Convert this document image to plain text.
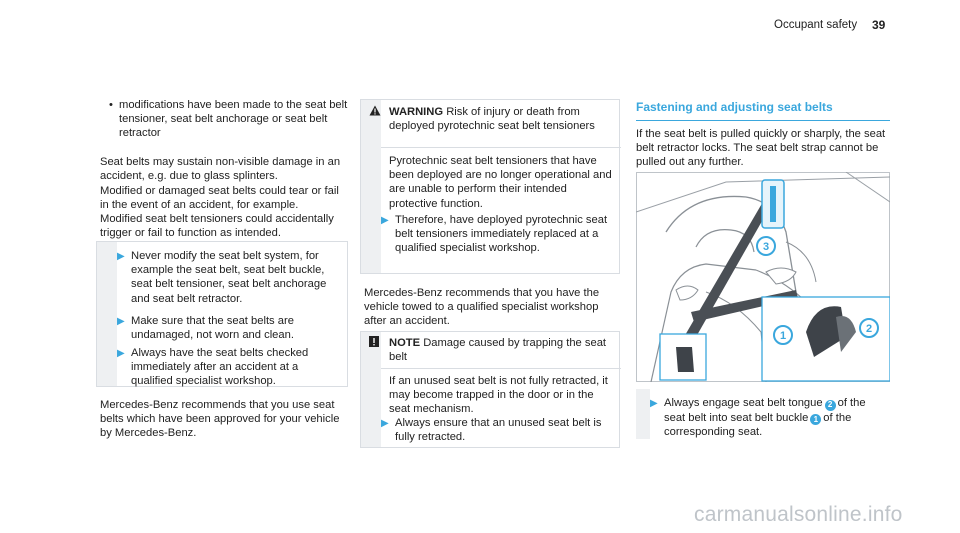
Occupant safety 39
• modifications have been made to the seat belt tensioner, seat belt anchorage or seat belt retractor
Seat belts may sustain non-visible damage in an accident, e.g. due to glass splinters.
Modified or damaged seat belts could tear or fail in the event of an accident, for example.
Modified seat belt tensioners could accidentally trigger or fail to function as intended.
▶ Never modify the seat belt system, for example the seat belt, seat belt buckle, seat belt tensioner, seat belt anchorage and seat belt retractor.
▶ Make sure that the seat belts are undamaged, not worn and clean.
▶ Always have the seat belts checked immediately after an accident at a qualified specialist workshop.
Mercedes-Benz recommends that you use seat belts which have been approved for your vehicle by Mercedes-Benz.
WARNING Risk of injury or death from deployed pyrotechnic seat belt tensioners
Pyrotechnic seat belt tensioners that have been deployed are no longer operational and are unable to perform their intended protective function.
▶ Therefore, have deployed pyrotechnic seat belt tensioners immediately replaced at a qualified specialist workshop.
Mercedes-Benz recommends that you have the vehicle towed to a qualified specialist workshop after an accident.
NOTE Damage caused by trapping the seat belt
If an unused seat belt is not fully retracted, it may become trapped in the door or in the seat mechanism.
▶ Always ensure that an unused seat belt is fully retracted.
Fastening and adjusting seat belts
If the seat belt is pulled quickly or sharply, the seat belt retractor locks. The seat belt strap cannot be pulled out any further.
3
1
2
▶ Always engage seat belt tongue 2 of the seat belt into seat belt buckle 1 of the corresponding seat.
carmanualsonline.info
